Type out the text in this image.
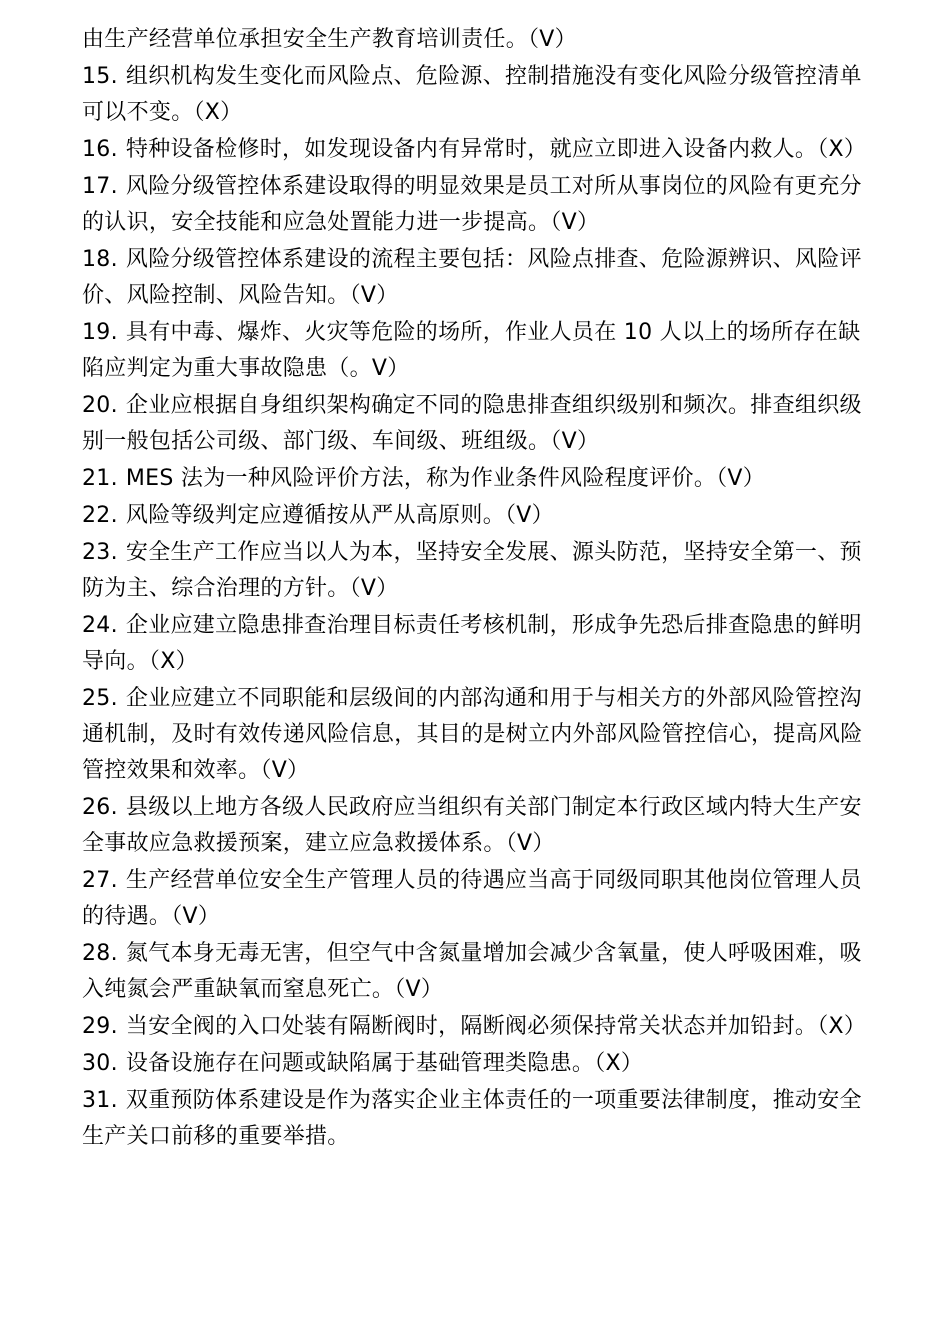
由生产经营单位承担安全生产教育培训责任。（V）

15. 组织机构发生变化而风险点、危险源、控制措施没有变化风险分级管控清单可以不变。（X）

16. 特种设备检修时，如发现设备内有异常时，就应立即进入设备内救人。（X）

17. 风险分级管控体系建设取得的明显效果是员工对所从事岗位的风险有更充分的认识，安全技能和应急处置能力进一步提高。（V）

18. 风险分级管控体系建设的流程主要包括：风险点排查、危险源辨识、风险评价、风险控制、风险告知。（V）

19. 具有中毒、爆炸、火灾等危险的场所，作业人员在 10 人以上的场所存在缺陷应判定为重大事故隐患（。V）

20. 企业应根据自身组织架构确定不同的隐患排查组织级别和频次。排查组织级别一般包括公司级、部门级、车间级、班组级。（V）

21. MES 法为一种风险评价方法，称为作业条件风险程度评价。（V）

22. 风险等级判定应遵循按从严从高原则。（V）

23. 安全生产工作应当以人为本，坚持安全发展、源头防范，坚持安全第一、预防为主、综合治理的方针。（V）

24. 企业应建立隐患排查治理目标责任考核机制，形成争先恐后排查隐患的鲜明导向。（X）

25. 企业应建立不同职能和层级间的内部沟通和用于与相关方的外部风险管控沟通机制，及时有效传递风险信息，其目的是树立内外部风险管控信心，提高风险管控效果和效率。（V）

26. 县级以上地方各级人民政府应当组织有关部门制定本行政区域内特大生产安全事故应急救援预案，建立应急救援体系。（V）

27. 生产经营单位安全生产管理人员的待遇应当高于同级同职其他岗位管理人员的待遇。（V）

28. 氮气本身无毒无害，但空气中含氮量增加会减少含氧量，使人呼吸困难，吸入纯氮会严重缺氧而窒息死亡。（V）

29. 当安全阀的入口处装有隔断阀时，隔断阀必须保持常关状态并加铅封。（X）

30. 设备设施存在问题或缺陷属于基础管理类隐患。（X）

31. 双重预防体系建设是作为落实企业主体责任的一项重要法律制度，推动安全生产关口前移的重要举措。
